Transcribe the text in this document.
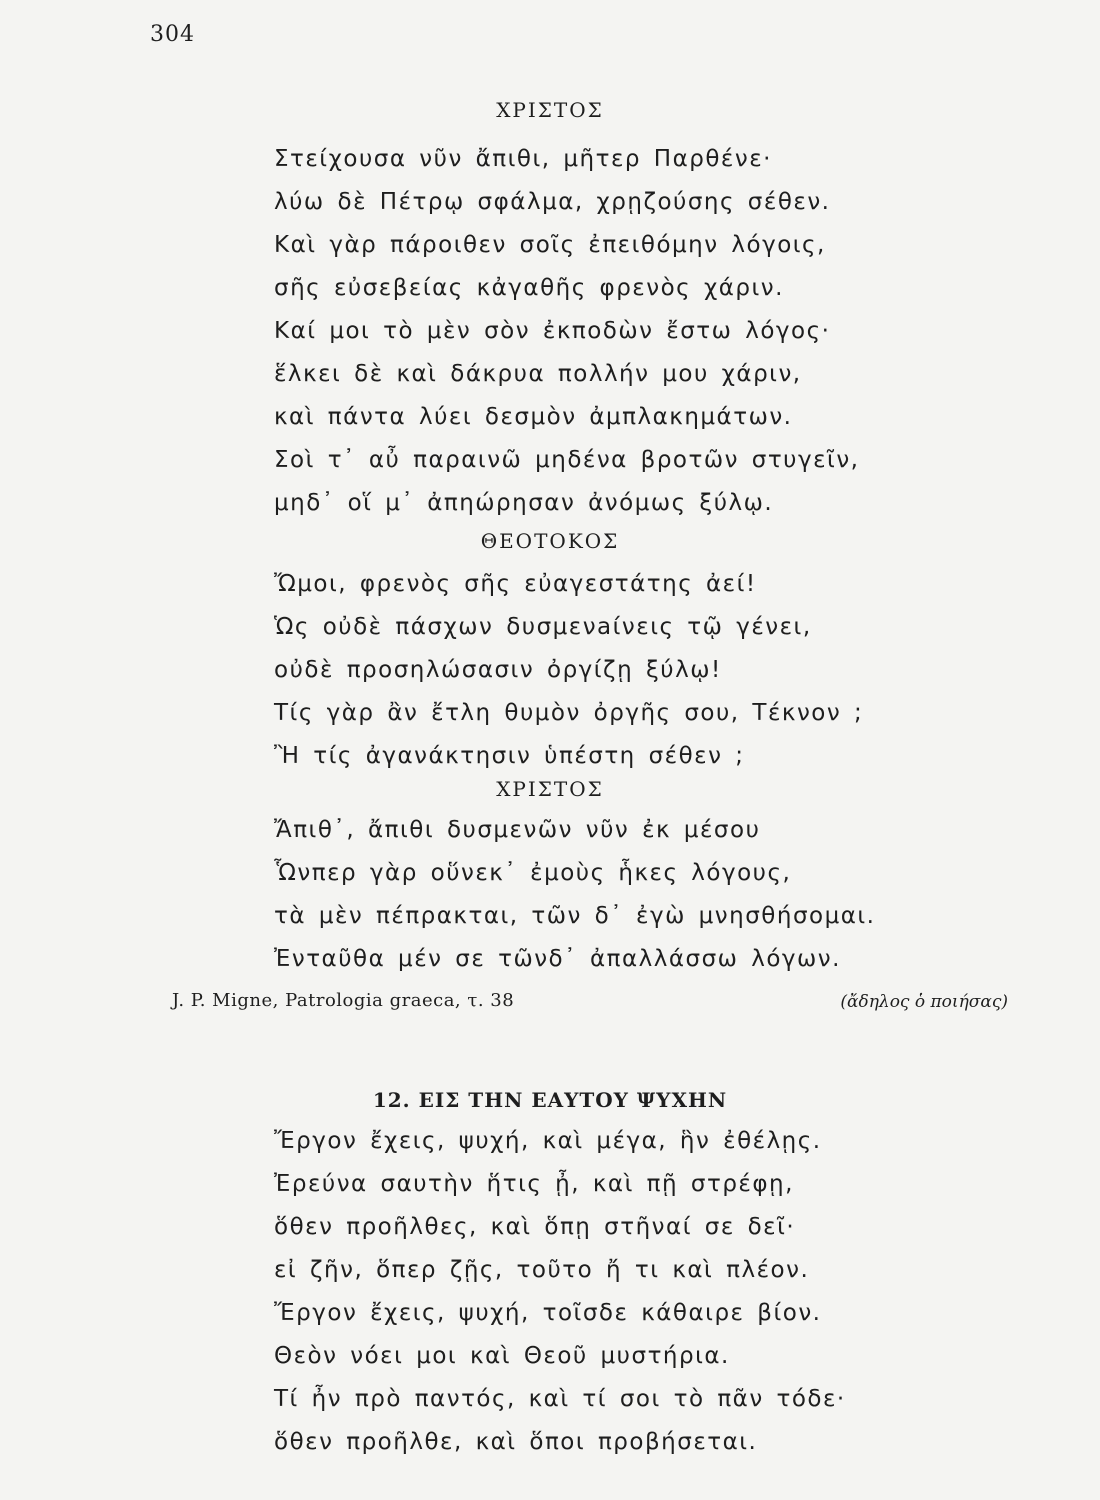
304
ΧΡΙΣΤΟΣ
Στείχουσα νῦν ἄπιθι, μῆτερ Παρθένε·
λύω δὲ Πέτρῳ σφάλμα, χρῃζούσης σέθεν.
Καὶ γὰρ πάροιθεν σοῖς ἐπειθόμην λόγοις,
σῆς εὐσεβείας κἀγαθῆς φρενὸς χάριν.
Καί μοι τὸ μὲν σὸν ἐκποδὼν ἔστω λόγος·
ἕλκει δὲ καὶ δάκρυα πολλήν μου χάριν,
καὶ πάντα λύει δεσμὸν ἀμπλακημάτων.
Σοὶ τ᾽ αὖ παραινῶ μηδένα βροτῶν στυγεῖν,
μηδ᾽ οἵ μ᾽ ἀπηώρησαν ἀνόμως ξύλῳ.
ΘΕΟΤΟΚΟΣ
Ὤμοι, φρενὸς σῆς εὐαγεστάτης ἀεί!
Ὡς οὐδὲ πάσχων δυσμενaίνεις τῷ γένει,
οὐδὲ προσηλώσασιν ὀργίζῃ ξύλῳ!
Τίς γὰρ ἂν ἔτλη θυμὸν ὀργῆς σου, Τέκνον ;
Ἢ τίς ἀγανάκτησιν ὑπέστη σέθεν ;
ΧΡΙΣΤΟΣ
Ἄπιθ᾽, ἄπιθι δυσμενῶν νῦν ἐκ μέσου
Ὧνπερ γὰρ οὕνεκ᾽ ἐμοὺς ἧκες λόγους,
τὰ μὲν πέπρακται, τῶν δ᾽ ἐγὼ μνησθήσομαι.
Ἐνταῦθα μέν σε τῶνδ᾽ ἀπαλλάσσω λόγων.
J. P. Migne, Patrologia graeca, τ. 38	(ἄδηλος ὁ ποιήσας)
12. ΕΙΣ ΤΗΝ ΕΑΥΤΟΥ ΨΥΧΗΝ
Ἔργον ἔχεις, ψυχή, καὶ μέγα, ἣν ἐθέλῃς.
Ἐρεύνα σαυτὴν ἥτις ᾖ, καὶ πῇ στρέφῃ,
ὅθεν προῆλθες, καὶ ὅπῃ στῆναί σε δεῖ·
εἰ ζῆν, ὅπερ ζῇς, τοῦτο ἤ τι καὶ πλέον.
Ἔργον ἔχεις, ψυχή, τοῖσδε κάθαιρε βίον.
Θεὸν νόει μοι καὶ Θεοῦ μυστήρια.
Τί ἦν πρὸ παντός, καὶ τί σοι τὸ πᾶν τόδε·
ὅθεν προῆλθε, καὶ ὅποι προβήσεται.
